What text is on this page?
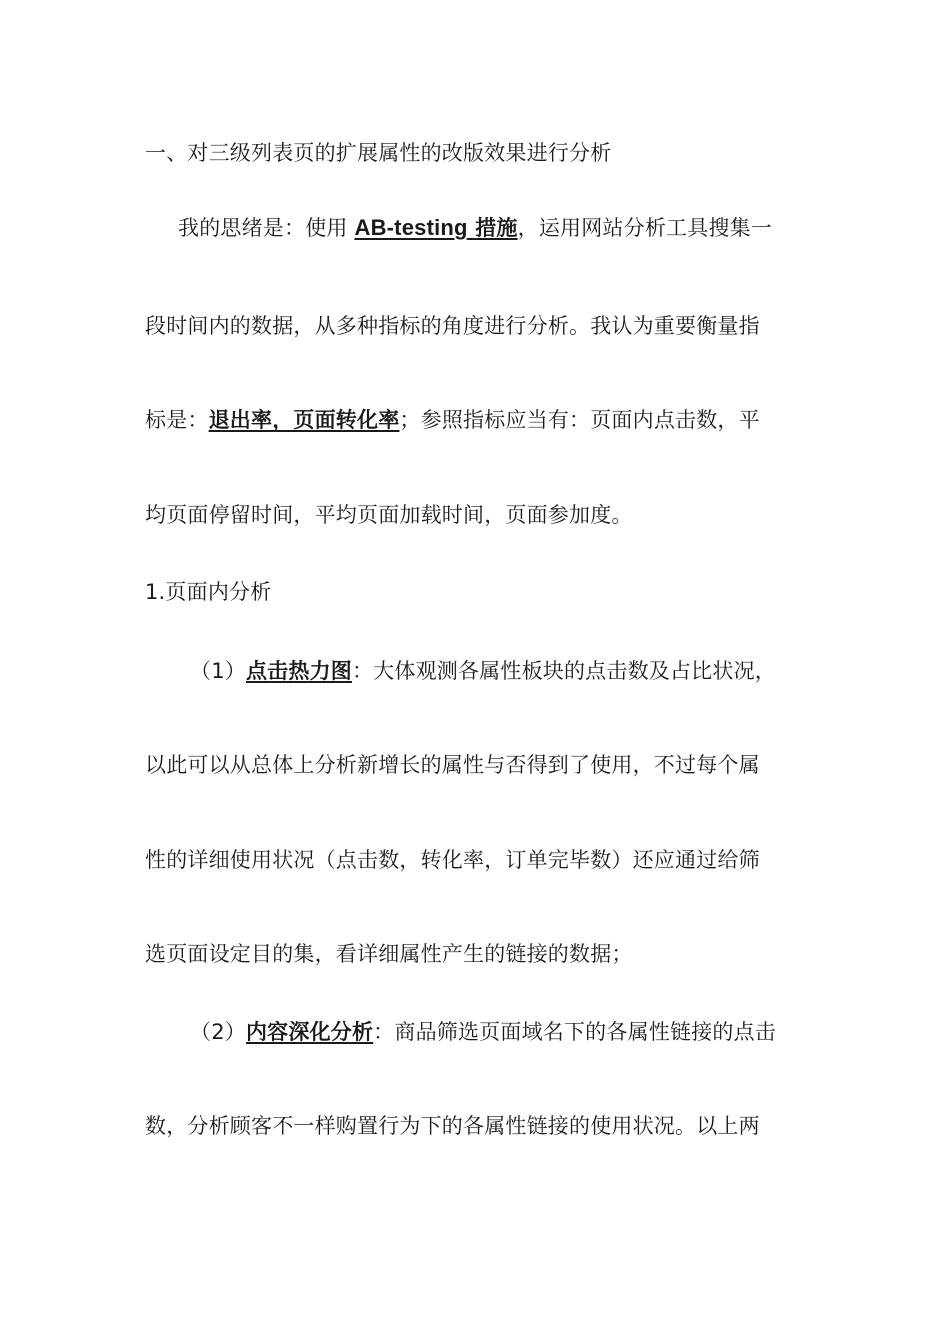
一、对三级列表页的扩展属性的改版效果进行分析
我的思绪是：使用 AB-testing 措施，运用网站分析工具搜集一
段时间内的数据，从多种指标的角度进行分析。我认为重要衡量指
标是：退出率，页面转化率；参照指标应当有：页面内点击数，平
均页面停留时间，平均页面加载时间，页面参加度。
1.页面内分析
（1）点击热力图：大体观测各属性板块的点击数及占比状况，
以此可以从总体上分析新增长的属性与否得到了使用，不过每个属
性的详细使用状况（点击数，转化率，订单完毕数）还应通过给筛
选页面设定目的集，看详细属性产生的链接的数据；
（2）内容深化分析：商品筛选页面域名下的各属性链接的点击
数，分析顾客不一样购置行为下的各属性链接的使用状况。以上两
